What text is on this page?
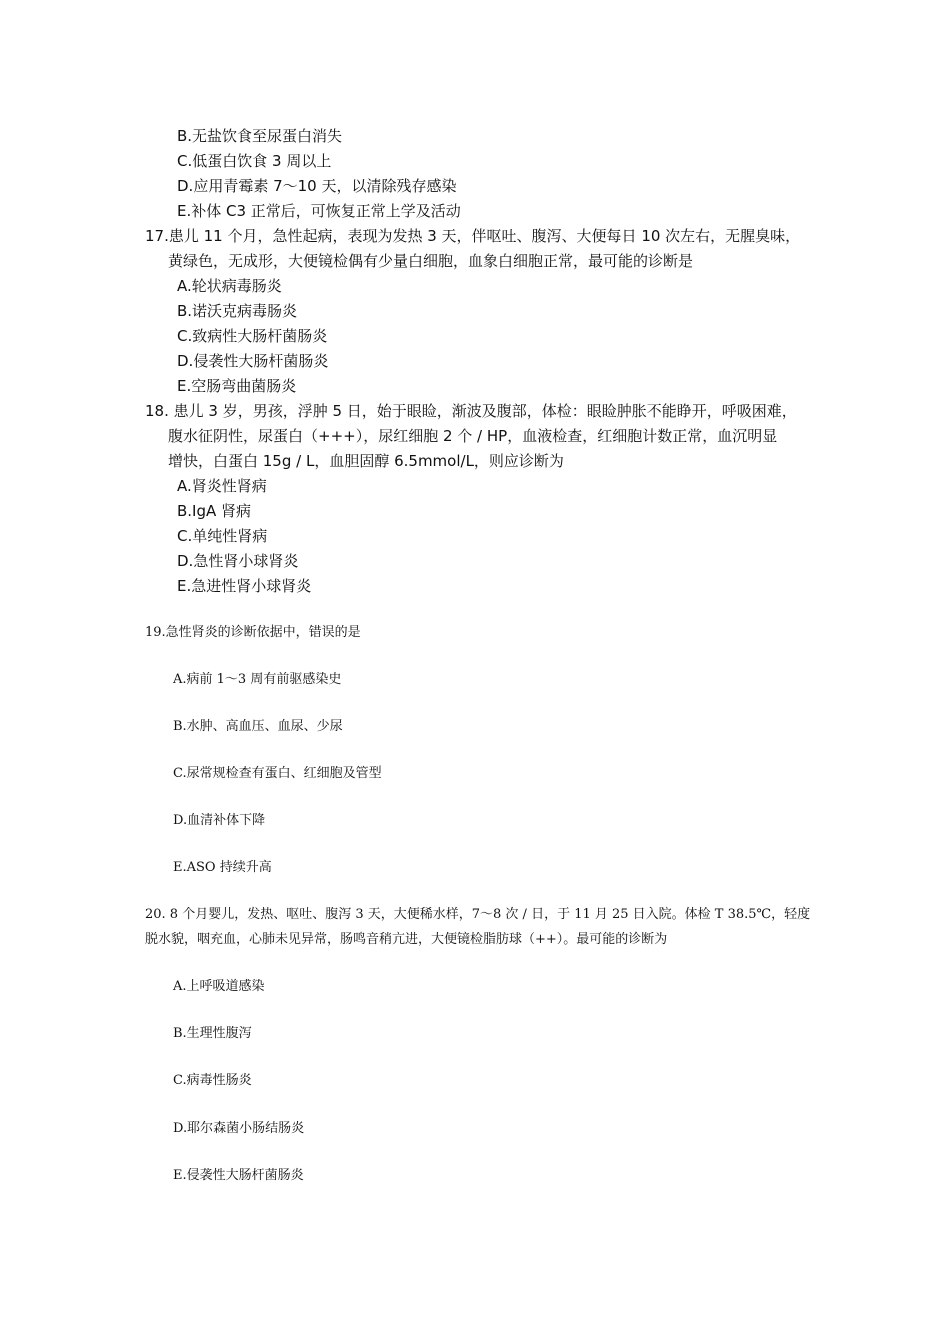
B.无盐饮食至尿蛋白消失
C.低蛋白饮食 3 周以上
D.应用青霉素 7～10 天，以清除残存感染
E.补体 C3 正常后，可恢复正常上学及活动
17.患儿 11 个月，急性起病，表现为发热 3 天，伴呕吐、腹泻、大便每日 10 次左右，无腥臭味，
黄绿色，无成形，大便镜检偶有少量白细胞，血象白细胞正常，最可能的诊断是
A.轮状病毒肠炎
B.诺沃克病毒肠炎
C.致病性大肠杆菌肠炎
D.侵袭性大肠杆菌肠炎
E.空肠弯曲菌肠炎
18. 患儿 3 岁，男孩，浮肿 5 日，始于眼睑，渐波及腹部，体检：眼睑肿胀不能睁开，呼吸困难，
腹水征阴性，尿蛋白（+++），尿红细胞 2 个 / HP，血液检查，红细胞计数正常，血沉明显
增快，白蛋白 15g / L，血胆固醇 6.5mmol/L，则应诊断为
A.肾炎性肾病
B.IgA 肾病
C.单纯性肾病
D.急性肾小球肾炎
E.急进性肾小球肾炎
19.急性肾炎的诊断依据中，错误的是
A.病前 1～3 周有前驱感染史
B.水肿、高血压、血尿、少尿
C.尿常规检查有蛋白、红细胞及管型
D.血清补体下降
E.ASO 持续升高
20. 8 个月婴儿，发热、呕吐、腹泻 3 天，大便稀水样，7～8 次 / 日，于 11 月 25 日入院。体检 T 38.5℃，轻度
脱水貌，咽充血，心肺未见异常，肠鸣音稍亢进，大便镜检脂肪球（++）。最可能的诊断为
A.上呼吸道感染
B.生理性腹泻
C.病毒性肠炎
D.耶尔森菌小肠结肠炎
E.侵袭性大肠杆菌肠炎
